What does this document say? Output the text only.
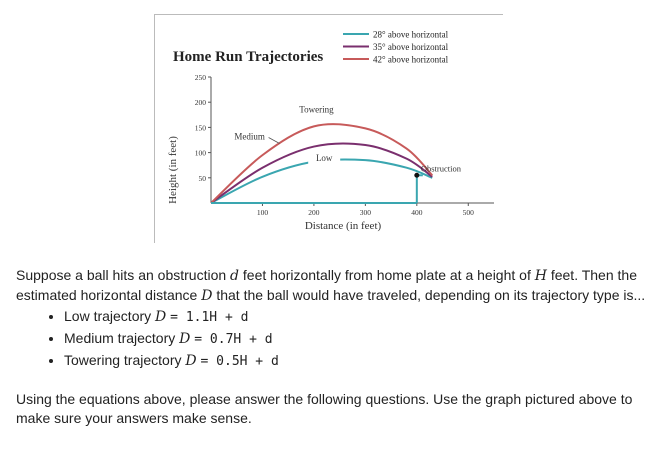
Home Run Trajectories
28° above horizontal
35° above horizontal
42° above horizontal
250
200
150
100
50
100	200	300	400	500
Towering
Medium
Low
Obstruction
Height (in feet)
Distance (in feet)

Suppose a ball hits an obstruction d feet horizontally from home plate at a height of H feet. Then the estimated horizontal distance D that the ball would have traveled, depending on its trajectory type is...

• Low trajectory D = 1.1H + d
• Medium trajectory D = 0.7H + d
• Towering trajectory D = 0.5H + d

Using the equations above, please answer the following questions. Use the graph pictured above to make sure your answers make sense.
